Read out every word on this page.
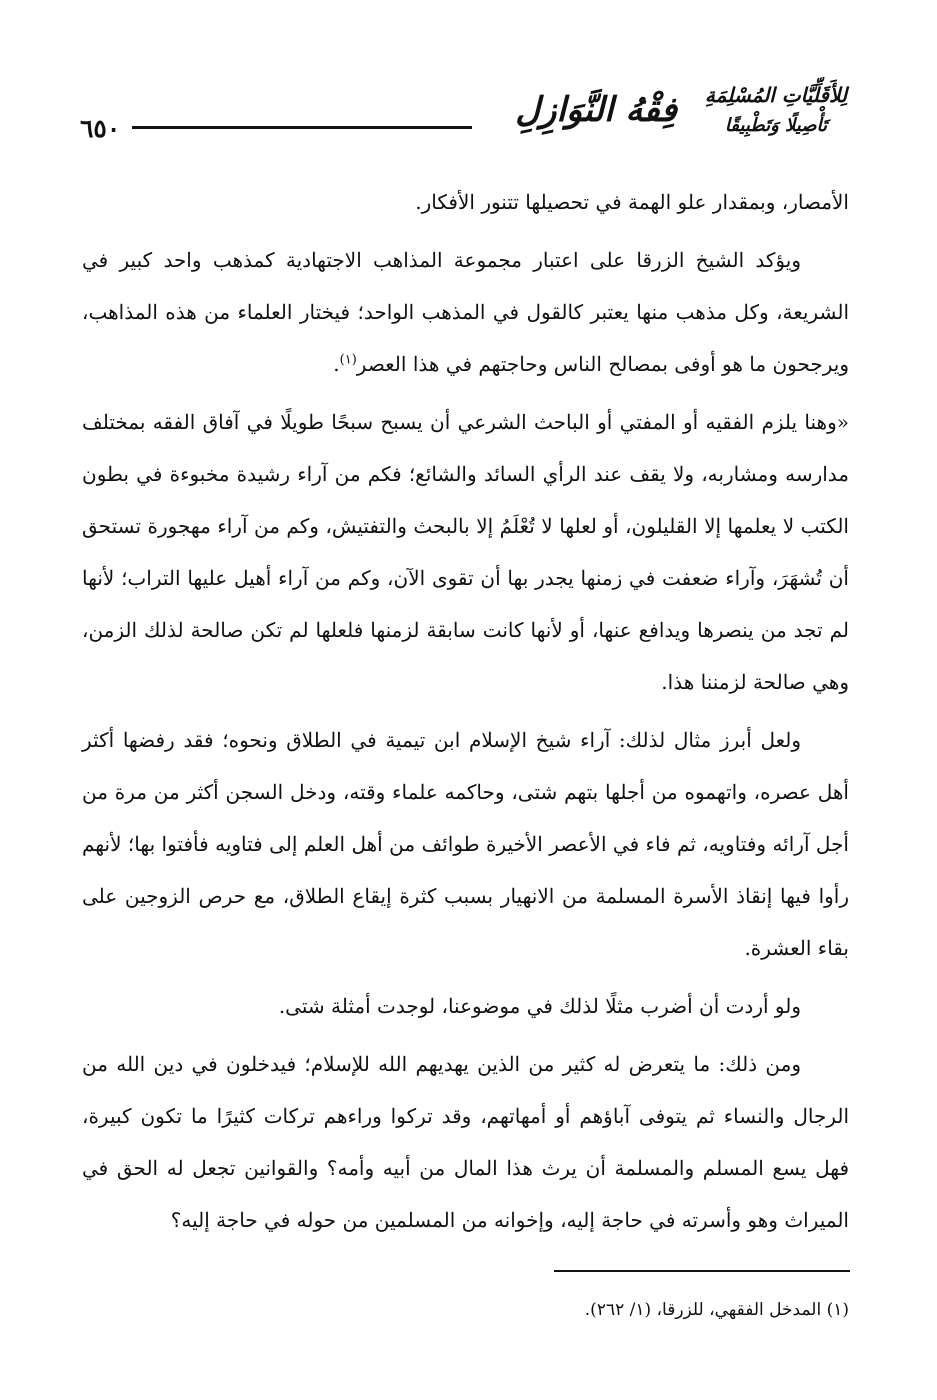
٦٥٠	فِقْهُ النَّوَازِلِ لِلأَقَلِّيَّاتِ المُسْلِمَةِ
تَأْصِيلًا وَتَطْبِيقًا

الأمصار، وبمقدار علو الهمة في تحصيلها تتنور الأفكار.

ويؤكد الشيخ الزرقا على اعتبار مجموعة المذاهب الاجتهادية كمذهب واحد كبير في الشريعة، وكل مذهب منها يعتبر كالقول في المذهب الواحد؛ فيختار العلماء من هذه المذاهب، ويرجحون ما هو أوفى بمصالح الناس وحاجتهم في هذا العصر$^{(١)}$.

«وهنا يلزم الفقيه أو المفتي أو الباحث الشرعي أن يسبح سبحًا طويلًا في آفاق الفقه بمختلف مدارسه ومشاربه، ولا يقف عند الرأي السائد والشائع؛ فكم من آراء رشيدة مخبوءة في بطون الكتب لا يعلمها إلا القليلون، أو لعلها لا تُعْلَمُ إلا بالبحث والتفتيش، وكم من آراء مهجورة تستحق أن تُشهَرَ، وآراء ضعفت في زمنها يجدر بها أن تقوى الآن، وكم من آراء أهيل عليها التراب؛ لأنها لم تجد من ينصرها ويدافع عنها، أو لأنها كانت سابقة لزمنها فلعلها لم تكن صالحة لذلك الزمن، وهي صالحة لزمننا هذا.

ولعل أبرز مثال لذلك: آراء شيخ الإسلام ابن تيمية في الطلاق ونحوه؛ فقد رفضها أكثر أهل عصره، واتهموه من أجلها بتهم شتى، وحاكمه علماء وقته، ودخل السجن أكثر من مرة من أجل آرائه وفتاويه، ثم فاء في الأعصر الأخيرة طوائف من أهل العلم إلى فتاويه فأفتوا بها؛ لأنهم رأوا فيها إنقاذ الأسرة المسلمة من الانهيار بسبب كثرة إيقاع الطلاق، مع حرص الزوجين على بقاء العشرة.

ولو أردت أن أضرب مثلًا لذلك في موضوعنا، لوجدت أمثلة شتى.

ومن ذلك: ما يتعرض له كثير من الذين يهديهم الله للإسلام؛ فيدخلون في دين الله من الرجال والنساء ثم يتوفى آباؤهم أو أمهاتهم، وقد تركوا وراءهم تركات كثيرًا ما تكون كبيرة، فهل يسع المسلم والمسلمة أن يرث هذا المال من أبيه وأمه؟ والقوانين تجعل له الحق في الميراث وهو وأسرته في حاجة إليه، وإخوانه من المسلمين من حوله في حاجة إليه؟

(١) المدخل الفقهي، للزرقا، (١/ ٢٦٢).
